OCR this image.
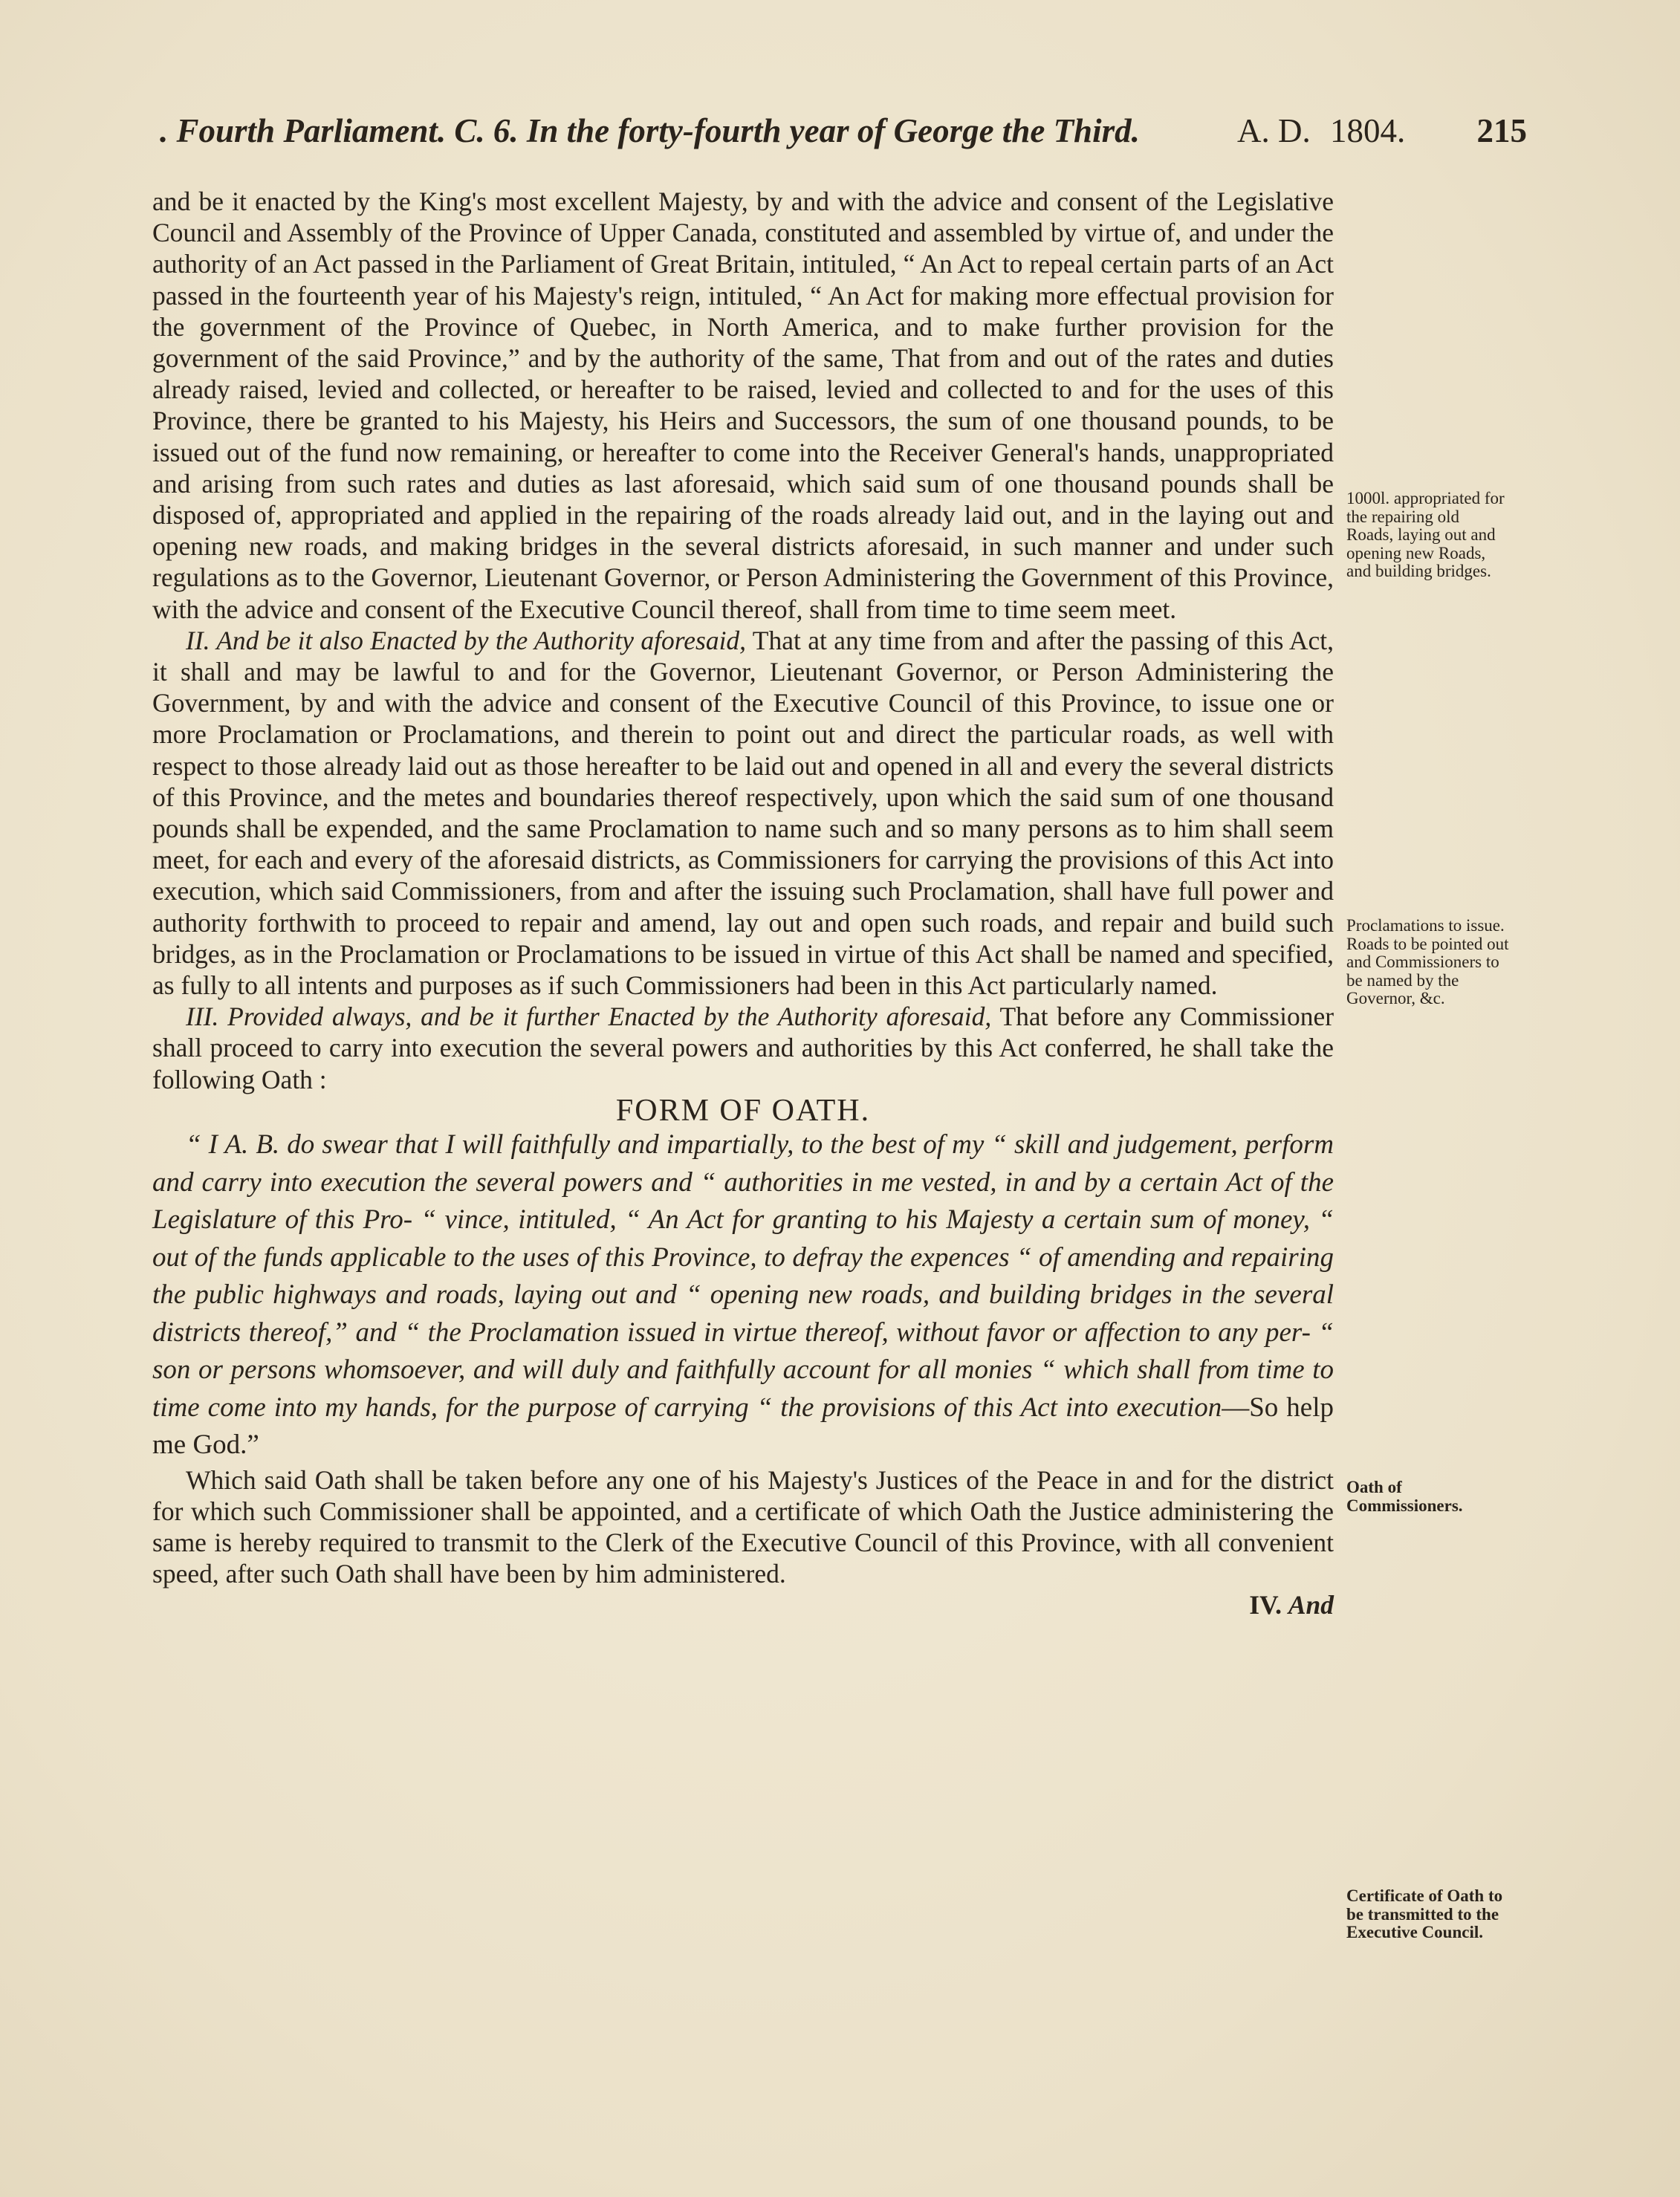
. Fourth Parliament. C. 6. In the forty-fourth year of George the Third.	A. D. 1804. 215

and be it enacted by the King's most excellent Majesty, by and with the advice and consent of the Legislative Council and Assembly of the Province of Upper Canada, constituted and assembled by virtue of, and under the authority of an Act passed in the Parliament of Great Britain, intituled, “ An Act to repeal certain parts of an Act passed in the fourteenth year of his Majesty's reign, intituled, “ An Act for making more effectual provision for the government of the Province of Quebec, in North America, and to make further provision for the government of the said Province,” and by the authority of the same, That from and out of the rates and duties already raised, levied and collected, or hereafter to be raised, levied and collected to and for the uses of this Province, there be granted to his Majesty, his Heirs and Successors, the sum of one thousand pounds, to be issued out of the fund now remaining, or hereafter to come into the Receiver General's hands, unappropriated and arising from such rates and duties as last aforesaid, which said sum of one thousand pounds shall be disposed of, appropriated and applied in the repairing of the roads already laid out, and in the laying out and opening new roads, and making bridges in the several districts aforesaid, in such manner and under such regulations as to the Governor, Lieutenant Governor, or Person Administering the Government of this Province, with the advice and consent of the Executive Council thereof, shall from time to time seem meet.

II. And be it also Enacted by the Authority aforesaid, That at any time from and after the passing of this Act, it shall and may be lawful to and for the Governor, Lieutenant Governor, or Person Administering the Government, by and with the advice and consent of the Executive Council of this Province, to issue one or more Proclamation or Proclamations, and therein to point out and direct the particular roads, as well with respect to those already laid out as those hereafter to be laid out and opened in all and every the several districts of this Province, and the metes and boundaries thereof respectively, upon which the said sum of one thousand pounds shall be expended, and the same Proclamation to name such and so many persons as to him shall seem meet, for each and every of the aforesaid districts, as Commissioners for carrying the provisions of this Act into execution, which said Commissioners, from and after the issuing such Proclamation, shall have full power and authority forthwith to proceed to repair and amend, lay out and open such roads, and repair and build such bridges, as in the Proclamation or Proclamations to be issued in virtue of this Act shall be named and specified, as fully to all intents and purposes as if such Commissioners had been in this Act particularly named.

III. Provided always, and be it further Enacted by the Authority aforesaid, That before any Commissioner shall proceed to carry into execution the several powers and authorities by this Act conferred, he shall take the following Oath :

FORM OF OATH.

“ I A. B. do swear that I will faithfully and impartially, to the best of my “ skill and judgement, perform and carry into execution the several powers and “ authorities in me vested, in and by a certain Act of the Legislature of this Pro- “ vince, intituled, “ An Act for granting to his Majesty a certain sum of money, “ out of the funds applicable to the uses of this Province, to defray the expences “ of amending and repairing the public highways and roads, laying out and “ opening new roads, and building bridges in the several districts thereof,” and “ the Proclamation issued in virtue thereof, without favor or affection to any per- “ son or persons whomsoever, and will duly and faithfully account for all monies “ which shall from time to time come into my hands, for the purpose of carrying “ the provisions of this Act into execution—So help me God.”

Which said Oath shall be taken before any one of his Majesty's Justices of the Peace in and for the district for which such Commissioner shall be appointed, and a certificate of which Oath the Justice administering the same is hereby required to transmit to the Clerk of the Executive Council of this Province, with all convenient speed, after such Oath shall have been by him administered.

IV. And

1000l. appropriated for the repairing old Roads, laying out and opening new Roads, and building bridges.
Proclamations to issue. Roads to be pointed out and Commissioners to be named by the Governor, &c.
Oath of Commissioners.
Certificate of Oath to be transmitted to the Executive Council.
